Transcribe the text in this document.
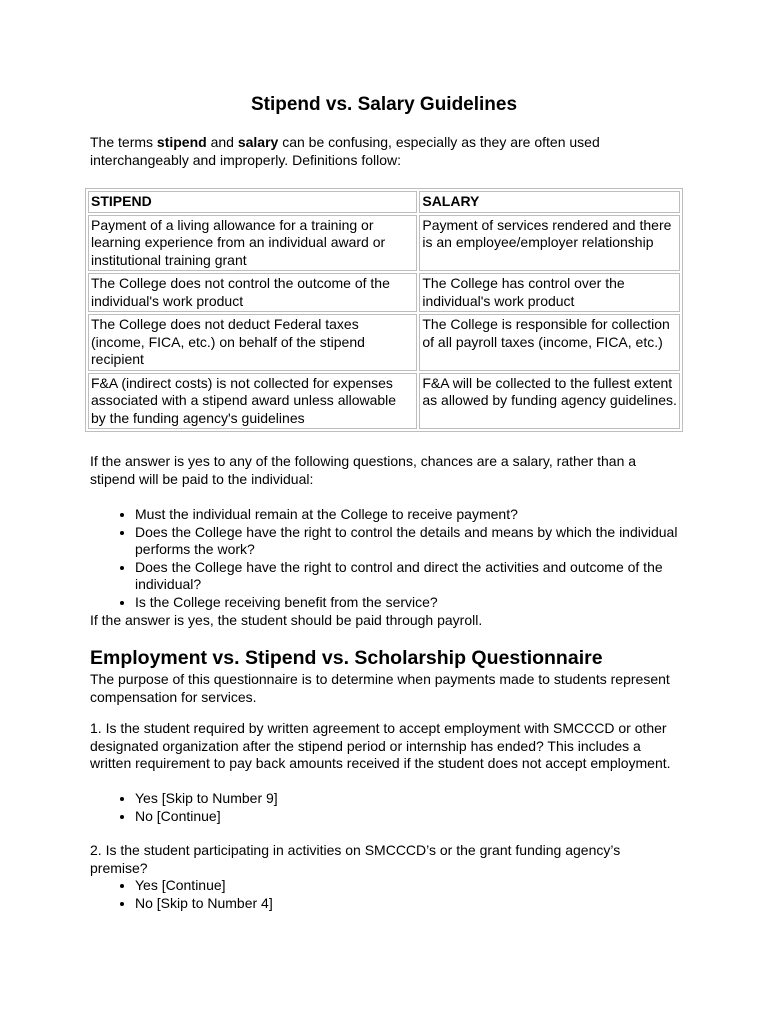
Stipend vs. Salary Guidelines
The terms stipend and salary can be confusing, especially as they are often used interchangeably and improperly. Definitions follow:
STIPEND	SALARY
Payment of a living allowance for a training or learning experience from an individual award or institutional training grant	Payment of services rendered and there is an employee/employer relationship
The College does not control the outcome of the individual's work product	The College has control over the individual's work product
The College does not deduct Federal taxes (income, FICA, etc.) on behalf of the stipend recipient	The College is responsible for collection of all payroll taxes (income, FICA, etc.)
F&A (indirect costs) is not collected for expenses associated with a stipend award unless allowable by the funding agency's guidelines	F&A will be collected to the fullest extent as allowed by funding agency guidelines.
If the answer is yes to any of the following questions, chances are a salary, rather than a stipend will be paid to the individual:
• Must the individual remain at the College to receive payment?
• Does the College have the right to control the details and means by which the individual performs the work?
• Does the College have the right to control and direct the activities and outcome of the individual?
• Is the College receiving benefit from the service?
If the answer is yes, the student should be paid through payroll.
Employment vs. Stipend vs. Scholarship Questionnaire
The purpose of this questionnaire is to determine when payments made to students represent compensation for services.
1. Is the student required by written agreement to accept employment with SMCCCD or other designated organization after the stipend period or internship has ended? This includes a written requirement to pay back amounts received if the student does not accept employment.
• Yes [Skip to Number 9]
• No [Continue]
2. Is the student participating in activities on SMCCCD’s or the grant funding agency’s premise?
• Yes [Continue]
• No [Skip to Number 4]
